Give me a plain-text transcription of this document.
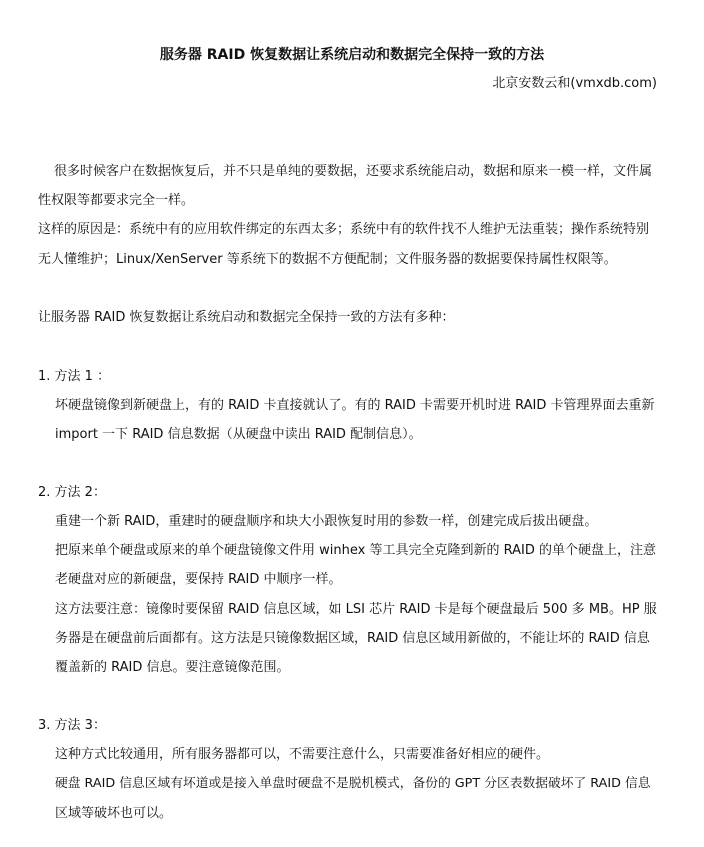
服务器 RAID 恢复数据让系统启动和数据完全保持一致的方法
北京安数云和(vmxdb.com)
很多时候客户在数据恢复后，并不只是单纯的要数据，还要求系统能启动，数据和原来一模一样，文件属
性权限等都要求完全一样。
这样的原因是：系统中有的应用软件绑定的东西太多；系统中有的软件找不人维护无法重装；操作系统特别
无人懂维护；Linux/XenServer 等系统下的数据不方便配制；文件服务器的数据要保持属性权限等。
让服务器 RAID 恢复数据让系统启动和数据完全保持一致的方法有多种：
1. 方法 1 ：
坏硬盘镜像到新硬盘上，有的 RAID 卡直接就认了。有的 RAID 卡需要开机时进 RAID 卡管理界面去重新
import 一下 RAID 信息数据（从硬盘中读出 RAID 配制信息）。
2. 方法 2：
重建一个新 RAID，重建时的硬盘顺序和块大小跟恢复时用的参数一样，创建完成后拔出硬盘。
把原来单个硬盘或原来的单个硬盘镜像文件用 winhex 等工具完全克隆到新的 RAID 的单个硬盘上，注意
老硬盘对应的新硬盘，要保持 RAID 中顺序一样。
这方法要注意：镜像时要保留 RAID 信息区域，如 LSI 芯片 RAID 卡是每个硬盘最后 500 多 MB。HP 服
务器是在硬盘前后面都有。这方法是只镜像数据区域，RAID 信息区域用新做的，不能让坏的 RAID 信息
覆盖新的 RAID 信息。要注意镜像范围。
3. 方法 3：
这种方式比较通用，所有服务器都可以，不需要注意什么，只需要准备好相应的硬件。
硬盘 RAID 信息区域有坏道或是接入单盘时硬盘不是脱机模式，备份的 GPT 分区表数据破坏了 RAID 信息
区域等破坏也可以。
